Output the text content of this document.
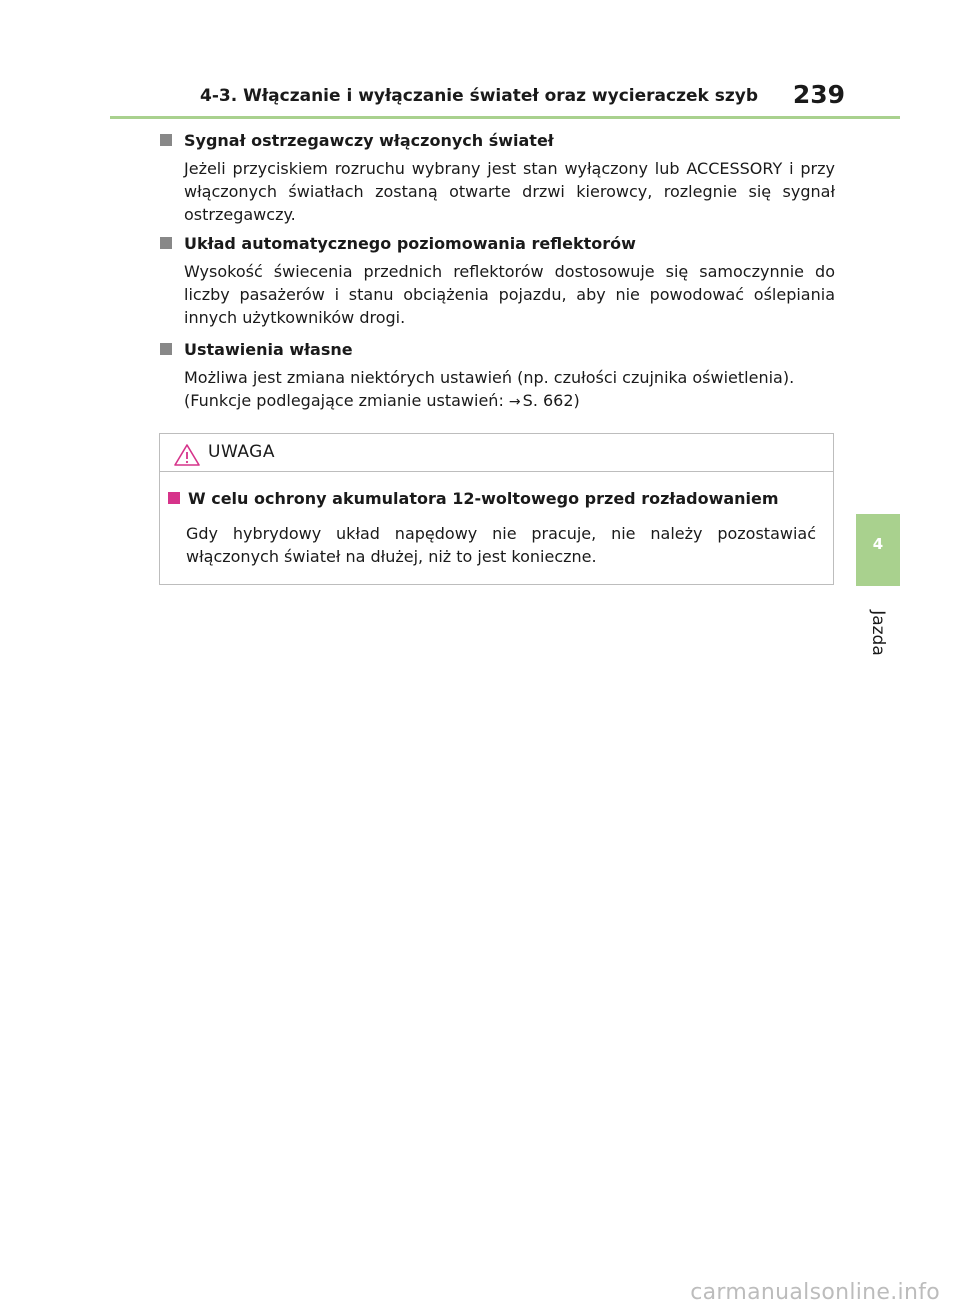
4-3. Włączanie i wyłączanie świateł oraz wycieraczek szyb 239
4
Jazda
Sygnał ostrzegawczy włączonych świateł
Jeżeli przyciskiem rozruchu wybrany jest stan wyłączony lub ACCESSORY i przy włączonych światłach zostaną otwarte drzwi kierowcy, rozlegnie się sygnał ostrzegawczy.
Układ automatycznego poziomowania reflektorów
Wysokość świecenia przednich reflektorów dostosowuje się samoczynnie do liczby pasażerów i stanu obciążenia pojazdu, aby nie powodować oślepiania innych użytkowników drogi.
Ustawienia własne
Możliwa jest zmiana niektórych ustawień (np. czułości czujnika oświetlenia).
(Funkcje podlegające zmianie ustawień: → S. 662)
UWAGA
W celu ochrony akumulatora 12-woltowego przed rozładowaniem
Gdy hybrydowy układ napędowy nie pracuje, nie należy pozostawiać włączonych świateł na dłużej, niż to jest konieczne.
carmanualsonline.info
